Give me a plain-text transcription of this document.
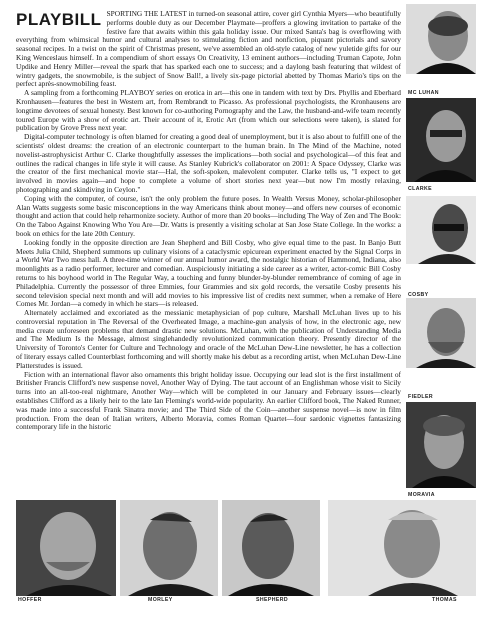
PLAYBILL SPORTING THE LATEST in turned-on seasonal attire, cover girl Cynthia Myers—who beautifully performs double duty as our December Playmate—proffers a glowing invitation to partake of the festive fare that awaits within this gala holiday issue. Our mixed Santa's bag is overflowing with everything from whimsical humor and cultural analyses to stimulating fiction and nonfiction, piquant pictorials and savory seasonal recipes. In a twist on the spirit of Christmas present, we've assembled an old-style catalog of new yuletide gifts for our King Wenceslaus himself. In a compendium of short essays On Creativity, 13 eminent authors—including Truman Capote, John Updike and Henry Miller—reveal the spark that has sparked each one to success; and a daylong bash featuring that wildest of wintry gadgets, the snowmobile, is the subject of Snow Ball!, a lively six-page pictorial abetted by Thomas Mario's tips on the perfect après-snowmobiling feast.

A sampling from a forthcoming PLAYBOY series on erotica in art—this one in tandem with text by Drs. Phyllis and Eberhard Kronhausen—features the best in Western art, from Rembrandt to Picasso. As professional psychologists, the Kronhausens are longtime devotees of sexual honesty. Best known for co-authoring Pornography and the Law, the husband-and-wife team recently toured Europe with a show of erotic art. Their account of it, Erotic Art (from which our selections were taken), is slated for publication by Grove Press next year.

Digital-computer technology is often blamed for creating a good deal of unemployment, but it is also about to fulfill one of the scientists' oldest dreams: the creation of an electronic counterpart to the human brain. In The Mind of the Machine, noted novelist-astrophysicist Arthur C. Clarke thoughtfully assesses the implications—both social and psychological—of this feat and outlines the radical changes in life style it will cause. As Stanley Kubrick's collaborator on 2001: A Space Odyssey, Clarke was the creator of the first mechanical movie star—Hal, the soft-spoken, malevolent computer. Clarke tells us, "I expect to get involved in movies again—and hope to complete a volume of short stories next year—but now I'm mostly relaxing, photographing and skindiving in Ceylon."

Coping with the computer, of course, isn't the only problem the future poses. In Wealth Versus Money, scholar-philosopher Alan Watts suggests some basic misconceptions in the way Americans think about money—and offers new courses of economic thought and action that could help reharmonize society. Author of more than 20 books—including The Way of Zen and The Book: On the Taboo Against Knowing Who You Are—Dr. Watts is presently a visiting scholar at San Jose State College. In the works: a book on ethics for the late 20th Century.

Looking fondly in the opposite direction are Jean Shepherd and Bill Cosby, who give equal time to the past. In Banjo Butt Meets Julia Child, Shepherd summons up culinary visions of a cataclysmic epicurean experiment enacted by the Signal Corps in a World War Two mess hall. A three-time winner of our annual humor award, the nostalgic historian of Hammond, Indiana, also moonlights as a radio performer, lecturer and comedian. Auspiciously initiating a side career as a writer, actor-comic Bill Cosby returns to his boyhood world in The Regular Way, a touching and funny blunder-by-blunder remembrance of coming of age in Philadelphia. Currently the possessor of three Emmies, four Grammies and six gold records, the versatile Cosby presents his second television special next month and will add movies to his impressive list of credits next summer, when a remake of Here Comes Mr. Jordan—a comedy in which he stars—is released.

Alternately acclaimed and excoriated as the messianic metaphysician of pop culture, Marshall McLuhan lives up to his controversial reputation in The Reversal of the Overheated Image, a machine-gun analysis of how, in the electronic age, new media create unforeseen problems that demand drastic new solutions. McLuhan, with the publication of Understanding Media and The Medium Is the Message, almost singlehandedly revolutionized communication theory. Presently director of the University of Toronto's Center for Culture and Technology and oracle of the McLuhan Dew-Line newsletter, he has a collection of literary essays called Counterblast forthcoming and will shortly make his debut as a recording artist, when McLuhan Dew-Line Platterstudes is issued.

Fiction with an international flavor also ornaments this bright holiday issue. Occupying our lead slot is the first installment of Britisher Francis Clifford's new suspense novel, Another Way of Dying. The taut account of an Englishman whose visit to Sicily turns into an all-too-real nightmare, Another Way—which will be completed in our January and February issues—clearly establishes Clifford as a likely heir to the late Ian Fleming's world-wide popularity. An earlier Clifford book, The Naked Runner, was made into a successful Frank Sinatra movie; and The Third Side of the Coin—another suspense novel—is now in film production. From the dean of Italian writers, Alberto Moravia, comes Roman Quartet—four sardonic vignettes fantasizing contemporary life in the historic

MC LUHAN
CLARKE
COSBY
FIEDLER
MORAVIA
HOFFER	MORLEY	SHEPHERD	THOMAS
